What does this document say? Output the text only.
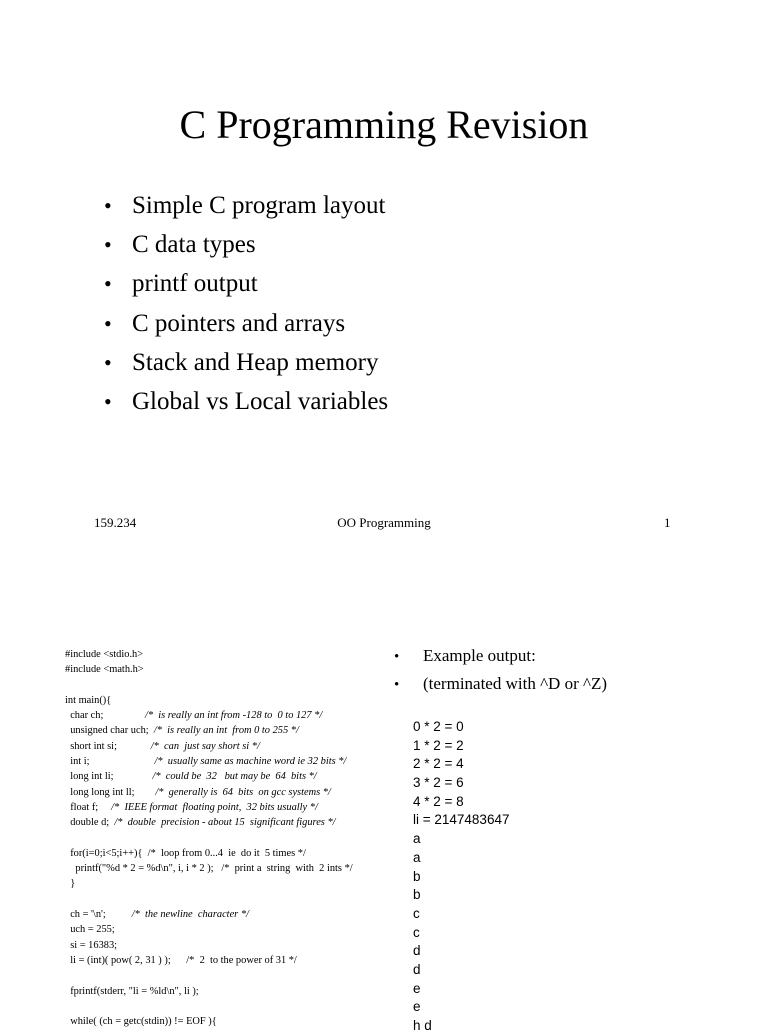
C Programming Revision
• Simple C program layout
• C data types
• printf output
• C pointers and arrays
• Stack and Heap memory
• Global vs Local variables
159.234	OO Programming	1
#include <stdio.h>
#include <math.h>
int main(){
char ch;                /*  is really an int from -128 to  0 to 127 */
unsigned char uch;  /*  is really an int  from 0 to 255 */
short int si;             /*  can  just say short si */
int i;                         /*  usually same as machine word ie 32 bits */
long int li;               /*  could be  32   but may be  64  bits */
long long int ll;        /*  generally is  64  bits  on gcc systems */
float f;     /*  IEEE format  floating point,  32 bits usually */
double d;  /*  double  precision - about 15  significant figures */
for(i=0;i<5;i++){  /*  loop from 0...4  ie  do it  5 times */
printf("%d * 2 = %d\n", i, i * 2 );   /*  print a  string  with  2 ints */
}
ch = '\n';          /*  the newline  character */
uch = 255;
si = 16383;
li = (int)( pow( 2, 31 ) );      /*  2  to the power of 31 */
fprintf(stderr, "li = %ld\n", li );
while( (ch = getc(stdin)) != EOF ){
•	Example output:
•	(terminated with ^D or ^Z)
0 * 2 = 0
1 * 2 = 2
2 * 2 = 4
3 * 2 = 6
4 * 2 = 8
li = 2147483647
a
a
b
b
c
c
d
d
e
e
h d
